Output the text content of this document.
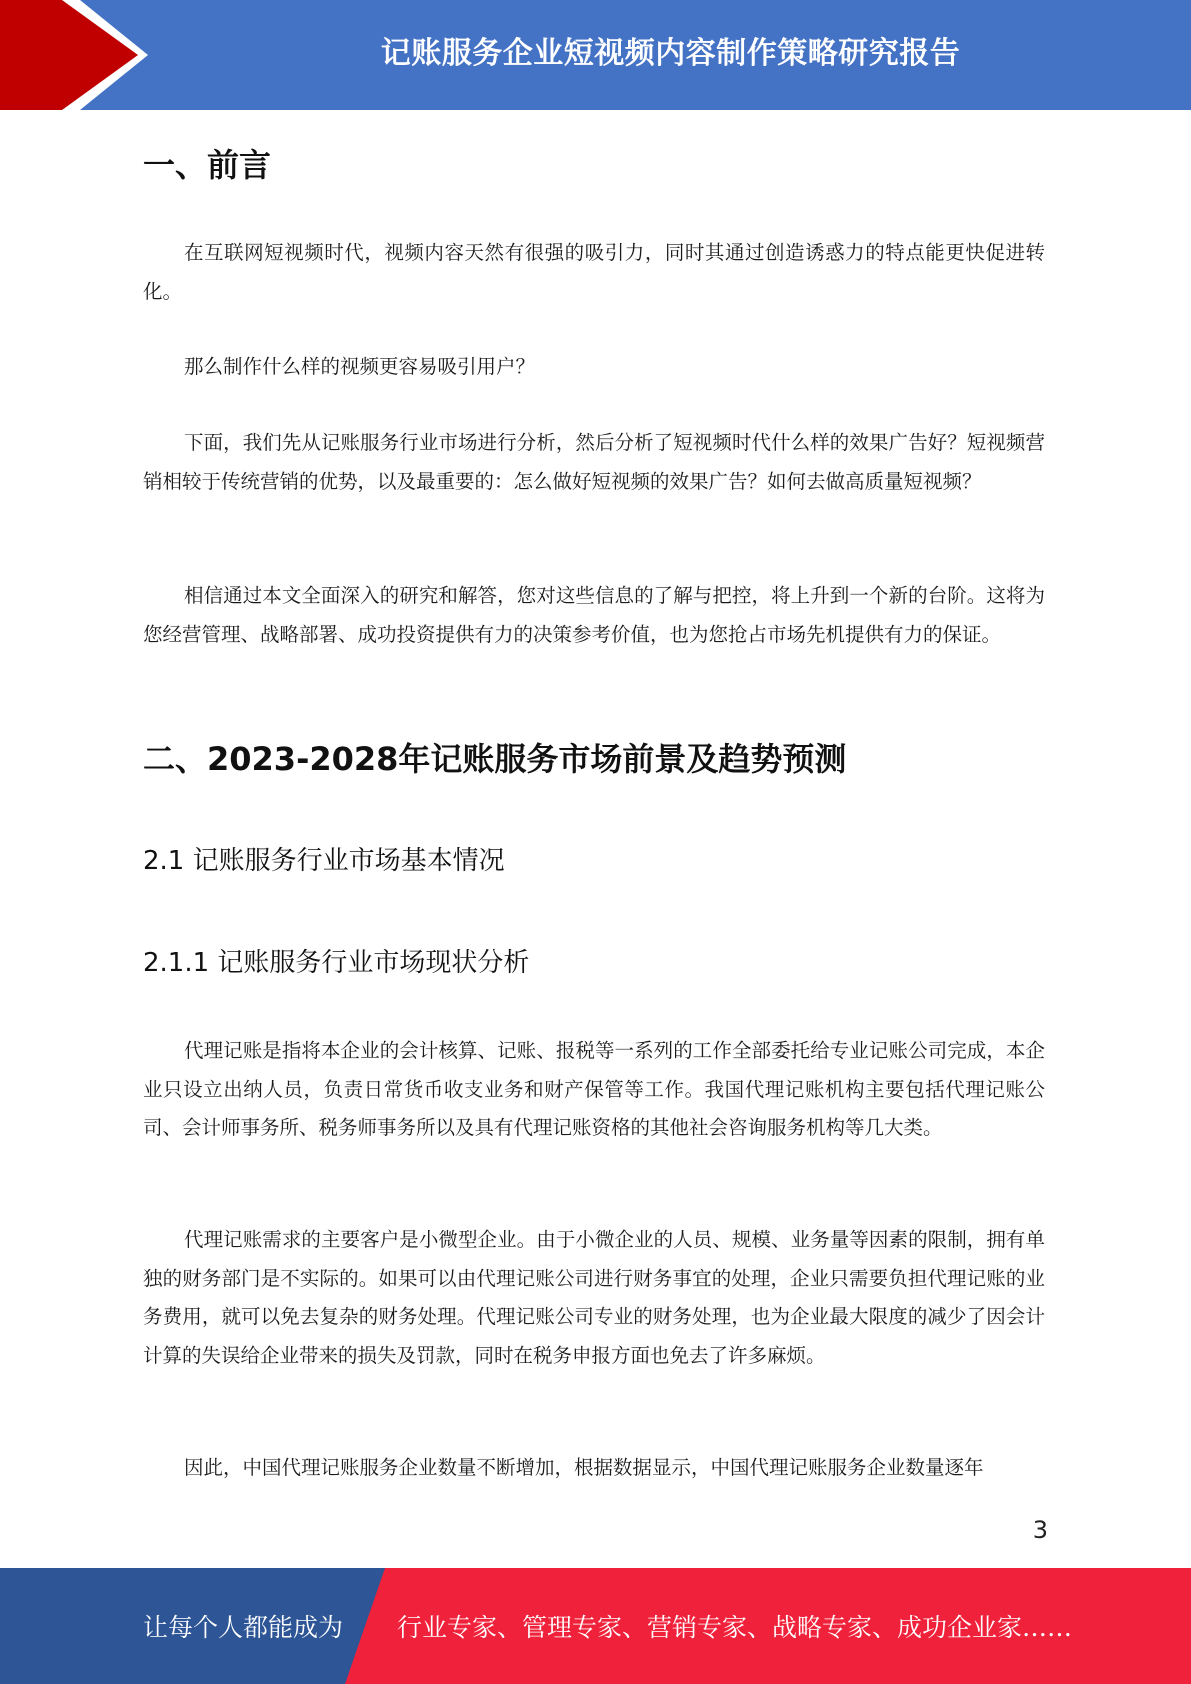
记账服务企业短视频内容制作策略研究报告
一、前言

在互联网短视频时代，视频内容天然有很强的吸引力，同时其通过创造诱惑力的特点能更快促进转化。

那么制作什么样的视频更容易吸引用户？

下面，我们先从记账服务行业市场进行分析，然后分析了短视频时代什么样的效果广告好？短视频营销相较于传统营销的优势，以及最重要的：怎么做好短视频的效果广告？如何去做高质量短视频？

相信通过本文全面深入的研究和解答，您对这些信息的了解与把控，将上升到一个新的台阶。这将为您经营管理、战略部署、成功投资提供有力的决策参考价值，也为您抢占市场先机提供有力的保证。

二、2023-2028年记账服务市场前景及趋势预测
2.1 记账服务行业市场基本情况
2.1.1 记账服务行业市场现状分析

代理记账是指将本企业的会计核算、记账、报税等一系列的工作全部委托给专业记账公司完成，本企业只设立出纳人员，负责日常货币收支业务和财产保管等工作。我国代理记账机构主要包括代理记账公司、会计师事务所、税务师事务所以及具有代理记账资格的其他社会咨询服务机构等几大类。

代理记账需求的主要客户是小微型企业。由于小微企业的人员、规模、业务量等因素的限制，拥有单独的财务部门是不实际的。如果可以由代理记账公司进行财务事宜的处理，企业只需要负担代理记账的业务费用，就可以免去复杂的财务处理。代理记账公司专业的财务处理，也为企业最大限度的减少了因会计计算的失误给企业带来的损失及罚款，同时在税务申报方面也免去了许多麻烦。

因此，中国代理记账服务企业数量不断增加，根据数据显示，中国代理记账服务企业数量逐年

3
让每个人都能成为 行业专家、管理专家、营销专家、战略专家、成功企业家……
